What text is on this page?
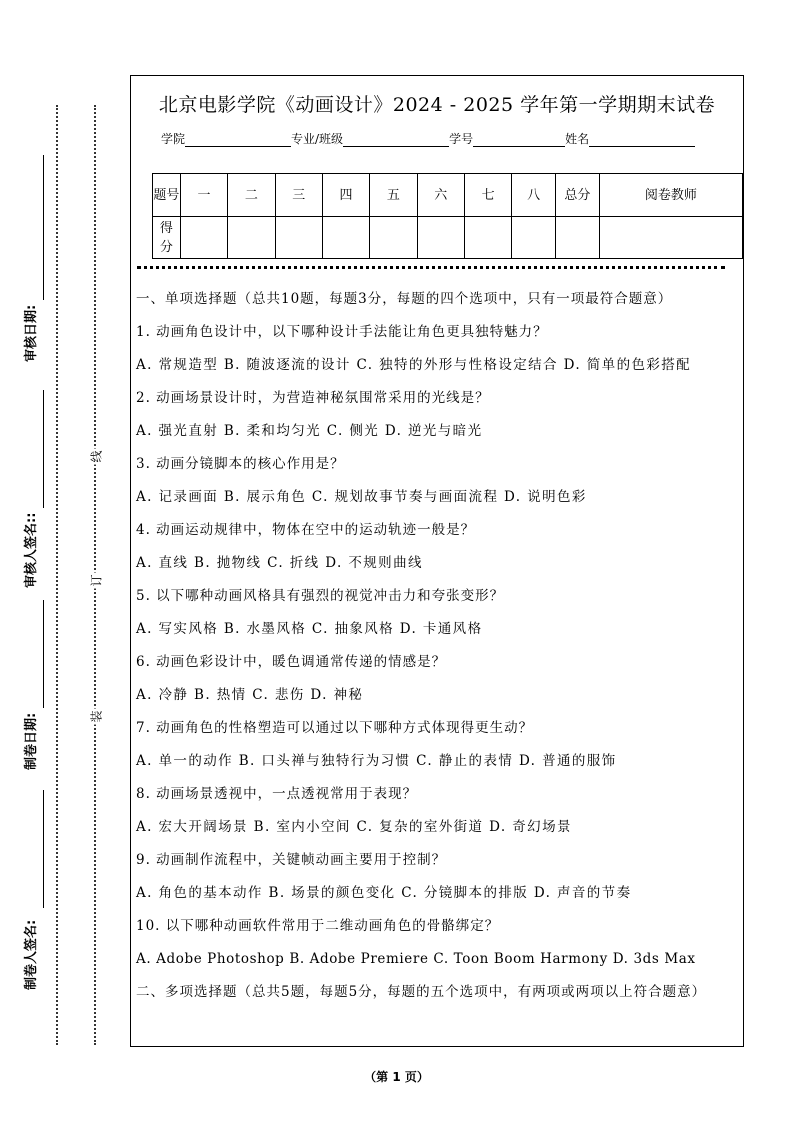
审核日期:
审核人签名::
制卷日期:
制卷人签名:
线
订
装
北京电影学院《动画设计》2024 - 2025 学年第一学期期末试卷
学院	专业/班级	学号	姓名
题号	一	二	三	四	五	六	七	八	总分	阅卷教师
得分										
一、单项选择题（总共10题，每题3分，每题的四个选项中，只有一项最符合题意）
1. 动画角色设计中，以下哪种设计手法能让角色更具独特魅力？
A. 常规造型 B. 随波逐流的设计 C. 独特的外形与性格设定结合 D. 简单的色彩搭配
2. 动画场景设计时，为营造神秘氛围常采用的光线是？
A. 强光直射 B. 柔和均匀光 C. 侧光 D. 逆光与暗光
3. 动画分镜脚本的核心作用是？
A. 记录画面 B. 展示角色 C. 规划故事节奏与画面流程 D. 说明色彩
4. 动画运动规律中，物体在空中的运动轨迹一般是？
A. 直线 B. 抛物线 C. 折线 D. 不规则曲线
5. 以下哪种动画风格具有强烈的视觉冲击力和夸张变形？
A. 写实风格 B. 水墨风格 C. 抽象风格 D. 卡通风格
6. 动画色彩设计中，暖色调通常传递的情感是？
A. 冷静 B. 热情 C. 悲伤 D. 神秘
7. 动画角色的性格塑造可以通过以下哪种方式体现得更生动？
A. 单一的动作 B. 口头禅与独特行为习惯 C. 静止的表情 D. 普通的服饰
8. 动画场景透视中，一点透视常用于表现？
A. 宏大开阔场景 B. 室内小空间 C. 复杂的室外街道 D. 奇幻场景
9. 动画制作流程中，关键帧动画主要用于控制？
A. 角色的基本动作 B. 场景的颜色变化 C. 分镜脚本的排版 D. 声音的节奏
10. 以下哪种动画软件常用于二维动画角色的骨骼绑定？
A. Adobe Photoshop B. Adobe Premiere C. Toon Boom Harmony D. 3ds Max
二、多项选择题（总共5题，每题5分，每题的五个选项中，有两项或两项以上符合题意）
（第 1 页）
